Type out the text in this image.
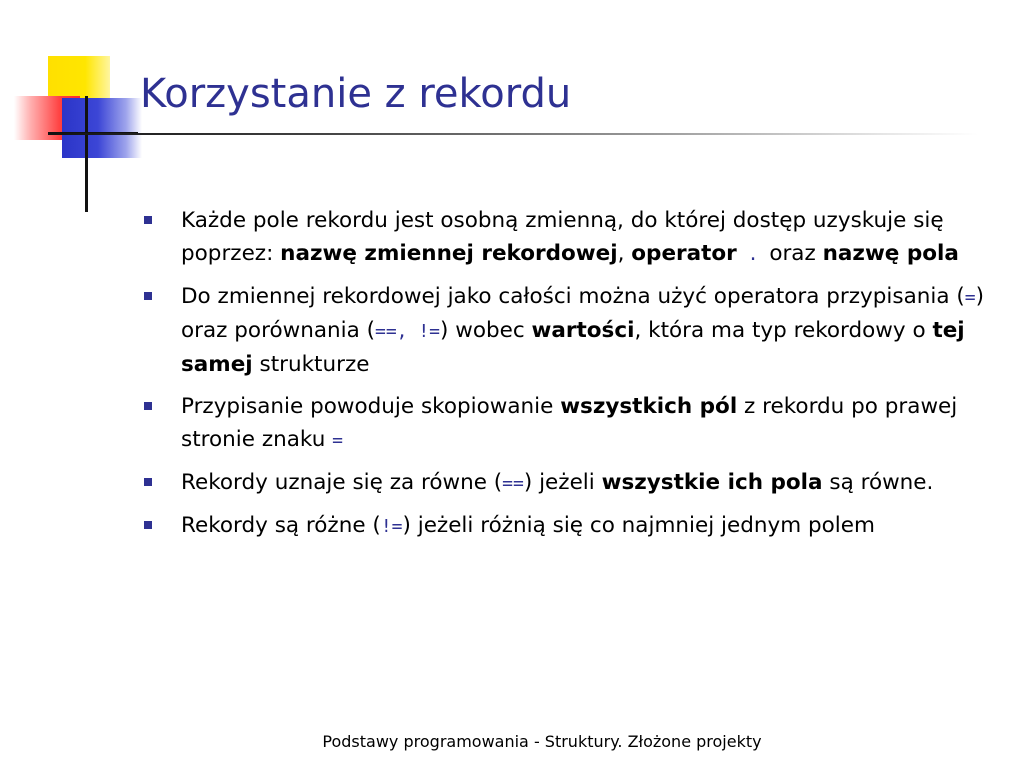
Korzystanie z rekordu
Każde pole rekordu jest osobną zmienną, do której dostęp uzyskuje się poprzez: nazwę zmiennej rekordowej, operator . oraz nazwę pola
Do zmiennej rekordowej jako całości można użyć operatora przypisania (=) oraz porównania (==, !=) wobec wartości, która ma typ rekordowy o tej samej strukturze
Przypisanie powoduje skopiowanie wszystkich pól z rekordu po prawej stronie znaku =
Rekordy uznaje się za równe (==) jeżeli wszystkie ich pola są równe.
Rekordy są różne (!=) jeżeli różnią się co najmniej jednym polem
Podstawy programowania - Struktury. Złożone projekty
